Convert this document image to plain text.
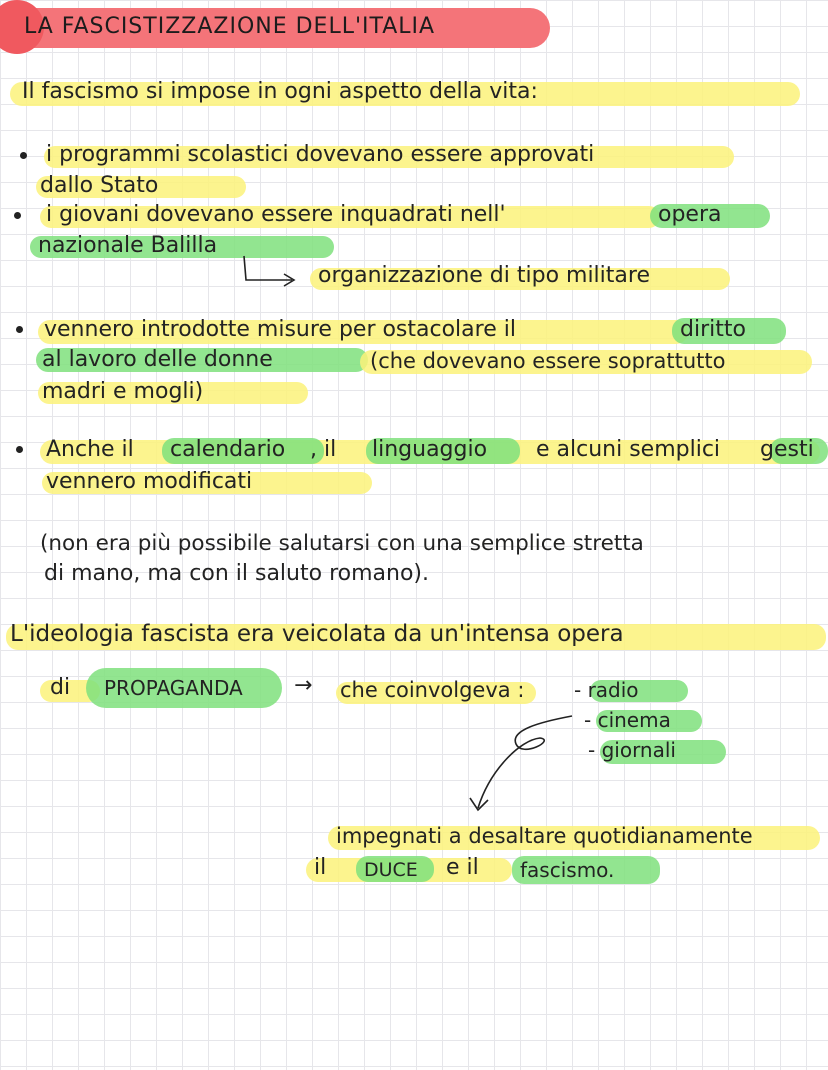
LA FASCISTIZZAZIONE DELL'ITALIA
Il fascismo si impose in ogni aspetto della vita:
i programmi scolastici dovevano essere approvati
dallo Stato
i giovani dovevano essere inquadrati nell'	opera
nazionale Balilla
organizzazione di tipo militare
vennero introdotte misure per ostacolare il	diritto
al lavoro delle donne	(che dovevano essere soprattutto
madri e mogli)
Anche il calendario , il linguaggio e alcuni semplici gesti
vennero modificati
(non era più possibile salutarsi con una semplice stretta
di mano, ma con il saluto romano).
L'ideologia fascista era veicolata da un'intensa opera
di PROPAGANDA → che coinvolgeva : - radio
- cinema
- giornali
impegnati a desaltare quotidianamente
il DUCE e il fascismo.
